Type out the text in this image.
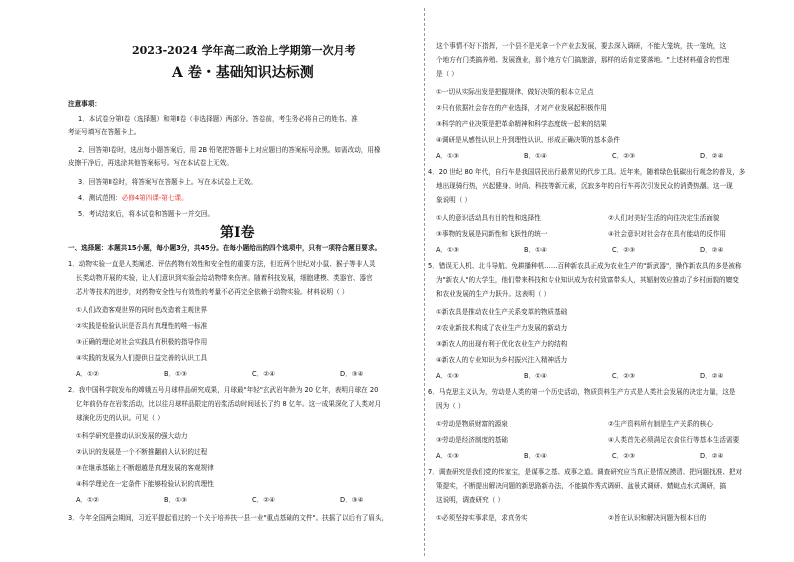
2023-2024 学年高二政治上学期第一次月考
A 卷・基础知识达标测
注意事项：
1．本试卷分第Ⅰ卷（选择题）和第Ⅱ卷（非选择题）两部分。答卷前，考生务必将自己的姓名、准
考证号填写在答题卡上。
2．回答第Ⅰ卷时，选出每小题答案后，用 2B 铅笔把答题卡上对应题目的答案标号涂黑。如需改动，用橡
皮擦干净后，再选涂其他答案标号。写在本试卷上无效。
3．回答第Ⅱ卷时，将答案写在答题卡上。写在本试卷上无效。
4．测试范围：必修4第四课-第七课。
5．考试结束后，将本试卷和答题卡一并交回。
第Ⅰ卷
一、选择题：本题共15小题，每小题3分，共45分。在每小题给出的四个选项中，只有一项符合题目要求。
1．动物实验一直是人类阐述、评估药物有效性和安全性的重要方法，但近两个世纪对小鼠、猴子等非人灵
长类动物开展的实验，让人们意识到实验会给动物带来伤害。随着科技发展，细胞建模、类器官、器官
芯片等技术的进步，对药物安全性与有效性的考量不必再完全依赖于动物实验。材料说明（ ）
①人们改造客观世界的同时也改造着主观世界
②实践是检验认识是否具有真理性的唯一标准
③正确的理论对社会实践具有积极的指导作用
④实践的发展为人们提供日益完善的认识工具
A．①②	B．①③	C．②④	D．③④
2．我中国科学院发布的嫦娥五号月球样品研究成果，月球最"年轻"玄武岩年龄为 20 亿年，表明月球在 20
亿年前仍存在岩浆活动，比以往月球样品限定的岩浆活动时间延长了约 8 亿年。这一成果深化了人类对月
球演化历史的认识。可见（ ）
①科学研究是推动认识发展的强大动力
②认识的发展是一个不断推翻前人认识的过程
③在继承基础上不断超越是真理发展的客观规律
④科学理论在一定条件下能够检验认识的真理性
A．①②	B．①③	C．②④	D．③④
3．今年全国两会期间，习近平提起看过的一个关于培养扶一县一业"重点基础的文件"。扶摇了以后有了眉头，
这个事情不好下指挥，一个县不是光拿一个产业去发展，要去深入调研，不能大笼统，扶一笼统，这
个地方有门类搞养殖、发展渔业，那个地方专门搞旅游，那样的话肯定要落地。"上述材料蕴含的哲理
是（ ）
①一切从实际出发是把握规律、做好决策的根本立足点
②只有依据社会存在的产业选择，才对产业发展起积极作用
③科学的产业决策是把革命精神和科学态度统一起来的结果
④调研是从感性认识上升到理性认识、形成正确决策的基本条件
A．①③	B．①④	C．②③	D．②④
4．20 世纪 80 年代，自行车是我国居民出行最常见的代步工具。近年来，随着绿色低碳出行观念的普及，多
地出现骑行热，兴起健身、时尚、科技等新元素，沉寂多年的自行车再次引发民众的消费热潮。这一现
象说明（ ）
①人的意识活动具有目的性和选择性	②人们对美好生活的向往决定生活面貌
③事物的发展是同新性和飞跃性的统一	④社会意识对社会存在具有能动的反作用
A．①③	B．①④	C．②③	D．②④
5．错误无人机、北斗导航、免耕播种机……百种新农具正成为农业生产的"新武器"，操作新农具的多是被称
为"新农人"的大学生，他们带来科技和专业知识成为农村致富带头人，其辐射效应推动了乡村面貌的嬗变
和农业发展的生产力跃升。这表明（ ）
①新农具是推动农业生产关系变革的物质基础
②农业新技术构成了农业生产力发展的新动力
③新农人的出现有利于优化农业生产力的结构
④新农人的专业知识为乡村振兴注入精神活力
A．①③	B．①④	C．②③	D．②④
6．马克思主义认为，劳动是人类的第一个历史活动，物质资料生产方式是人类社会发展的决定力量，这是
因为（ ）
①劳动是物质财富的源泉	②生产资料所有制是生产关系的核心
③劳动是经济制度的基础	④人类首先必须满足衣食住行等基本生活需要
A．①③	B．①④	C．②③	D．②④
7．调查研究是我们党的传家宝，是谋事之基、成事之道。调查研究应当真正是情况摸清、把问题找准、把对
策提实，不断提出解决问题的新思路新办法，不能搞作秀式调研、盆景式调研、蜻蜓点水式调研，搞
这说明，调查研究（ ）
①必须坚持实事求是，求真务实	②旨在认识和解决问题为根本目的
